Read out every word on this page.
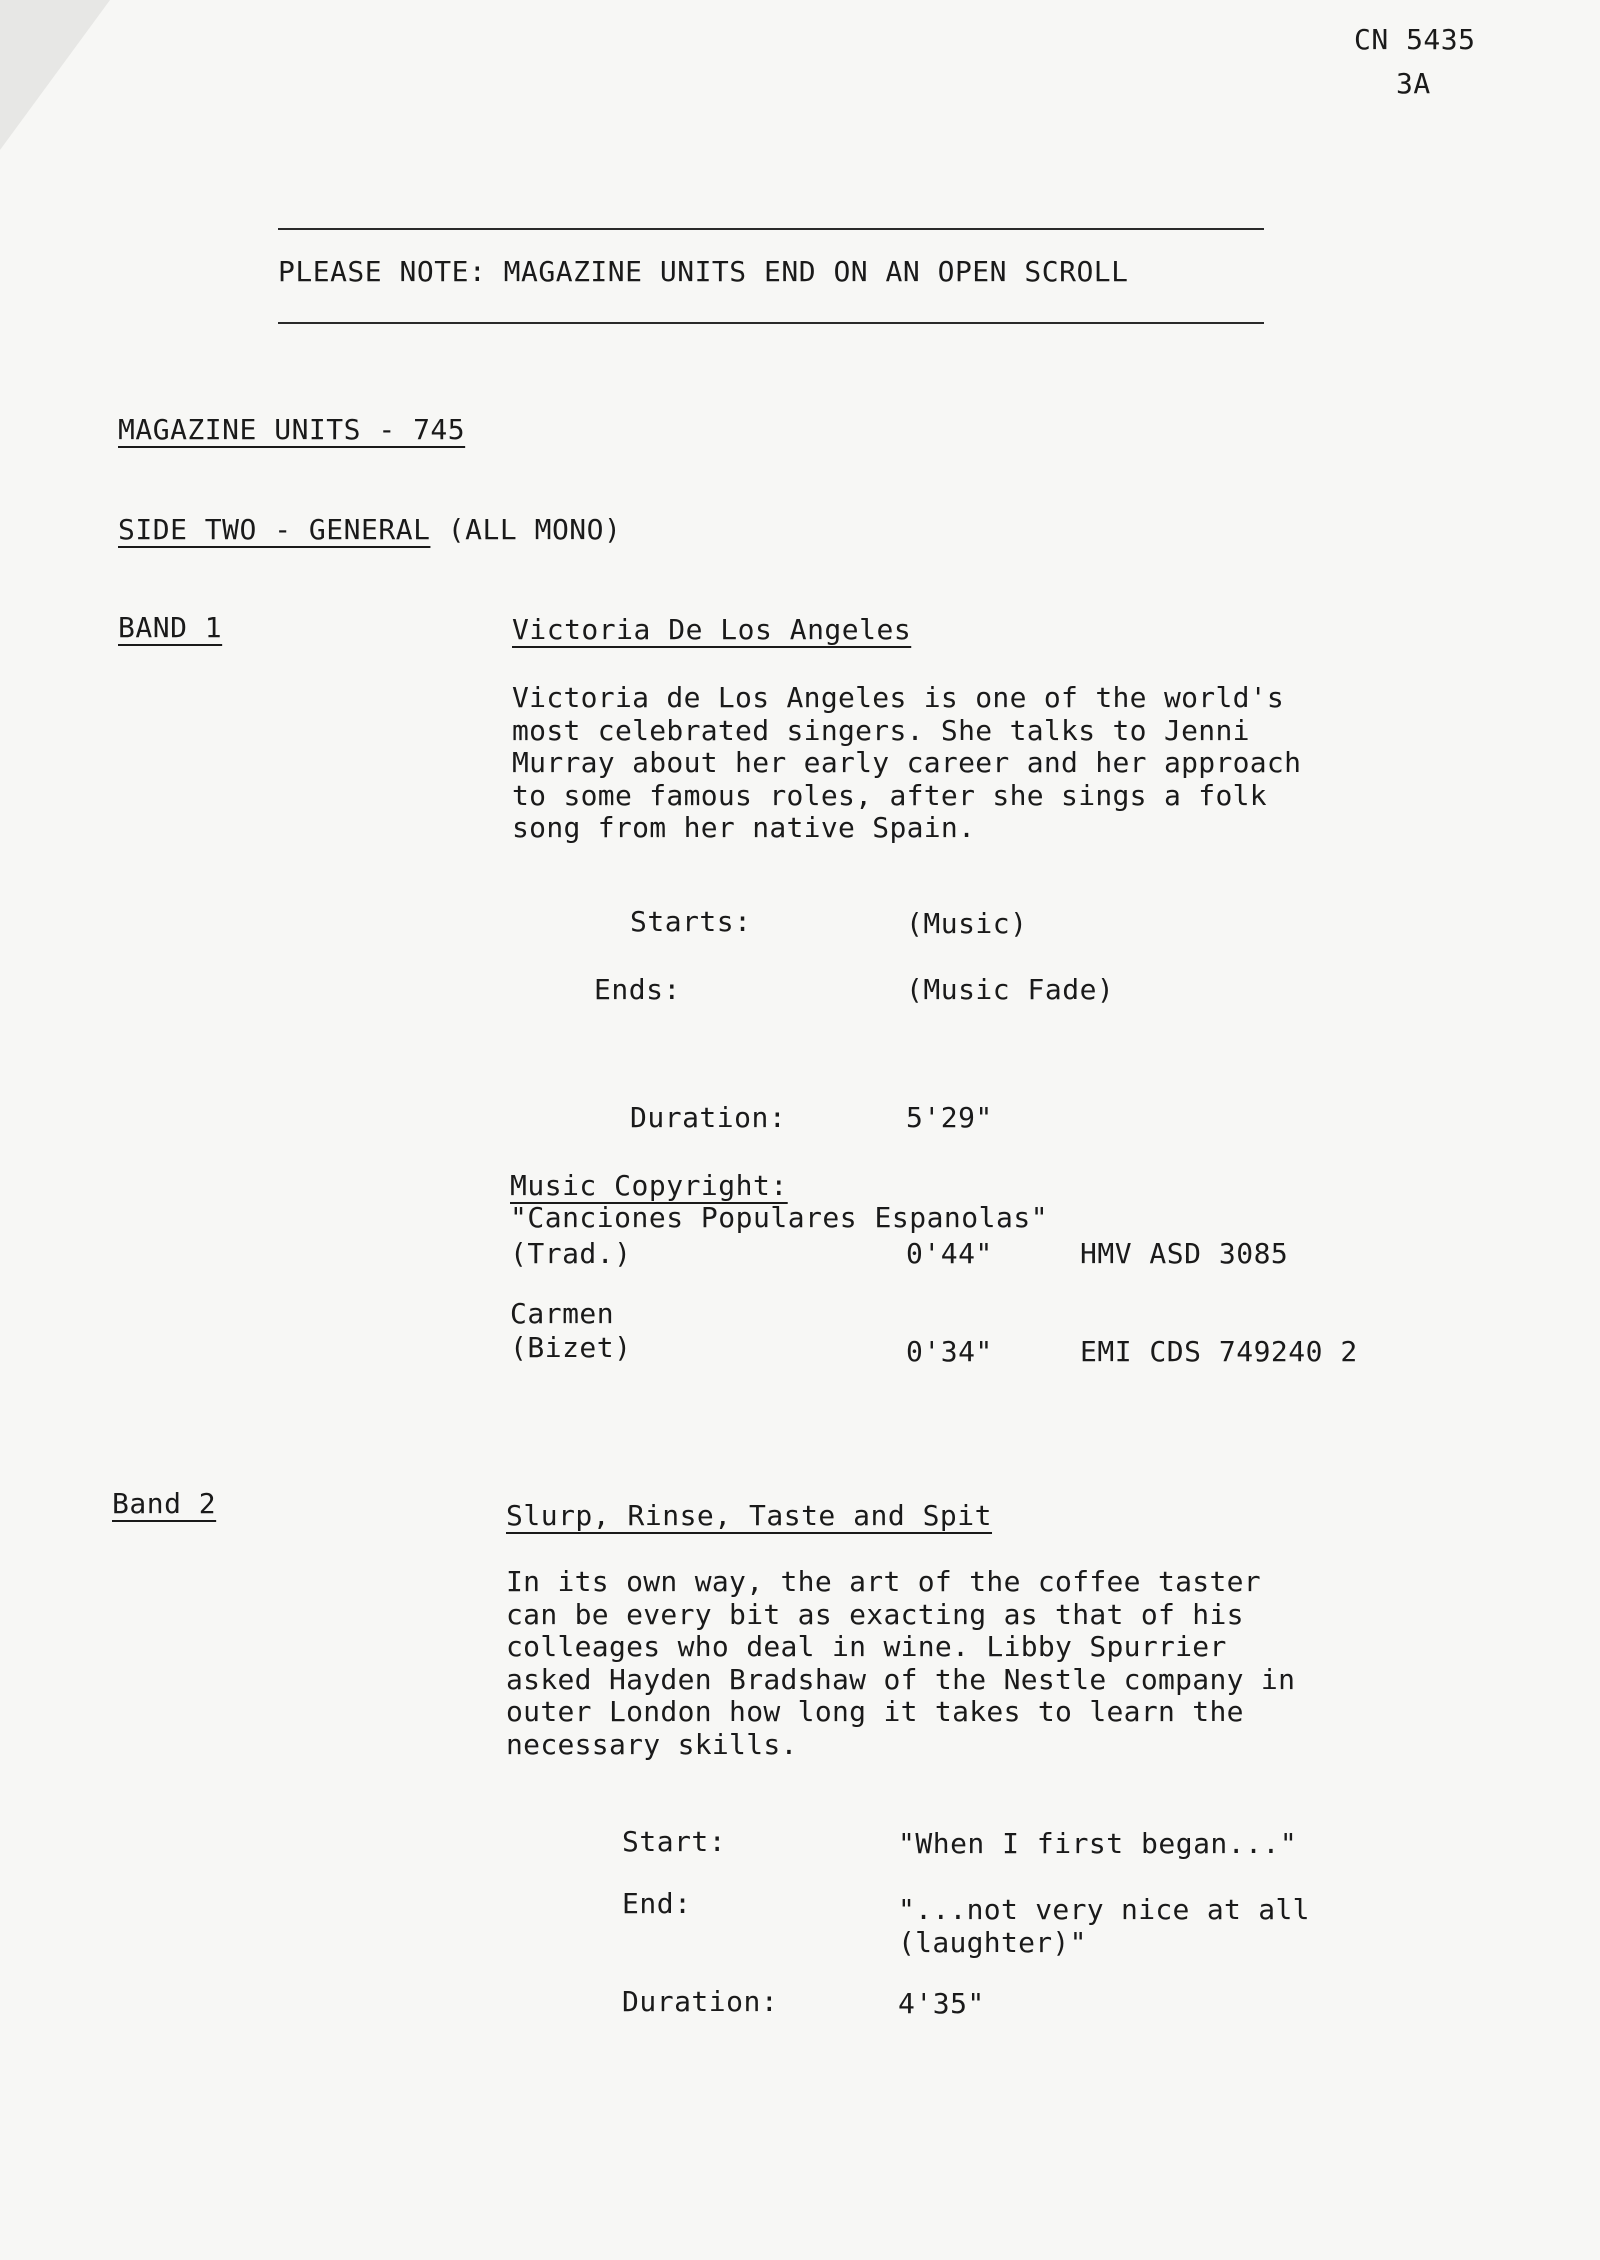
CN 5435
3A
PLEASE NOTE: MAGAZINE UNITS END ON AN OPEN SCROLL
MAGAZINE UNITS - 745
SIDE TWO - GENERAL (ALL MONO)
BAND 1	Victoria De Los Angeles
Victoria de Los Angeles is one of the world's
most celebrated singers. She talks to Jenni
Murray about her early career and her approach
to some famous roles, after she sings a folk
song from her native Spain.
Starts:	(Music)
Ends:	(Music Fade)
Duration:	5'29"
Music Copyright:
"Canciones Populares Espanolas"
(Trad.)	0'44"	HMV ASD 3085
Carmen
(Bizet)	0'34"	EMI CDS 749240 2
Band 2	Slurp, Rinse, Taste and Spit
In its own way, the art of the coffee taster
can be every bit as exacting as that of his
colleages who deal in wine. Libby Spurrier
asked Hayden Bradshaw of the Nestle company in
outer London how long it takes to learn the
necessary skills.
Start:	"When I first began..."
End:	"...not very nice at all
(laughter)"
Duration:	4'35"
